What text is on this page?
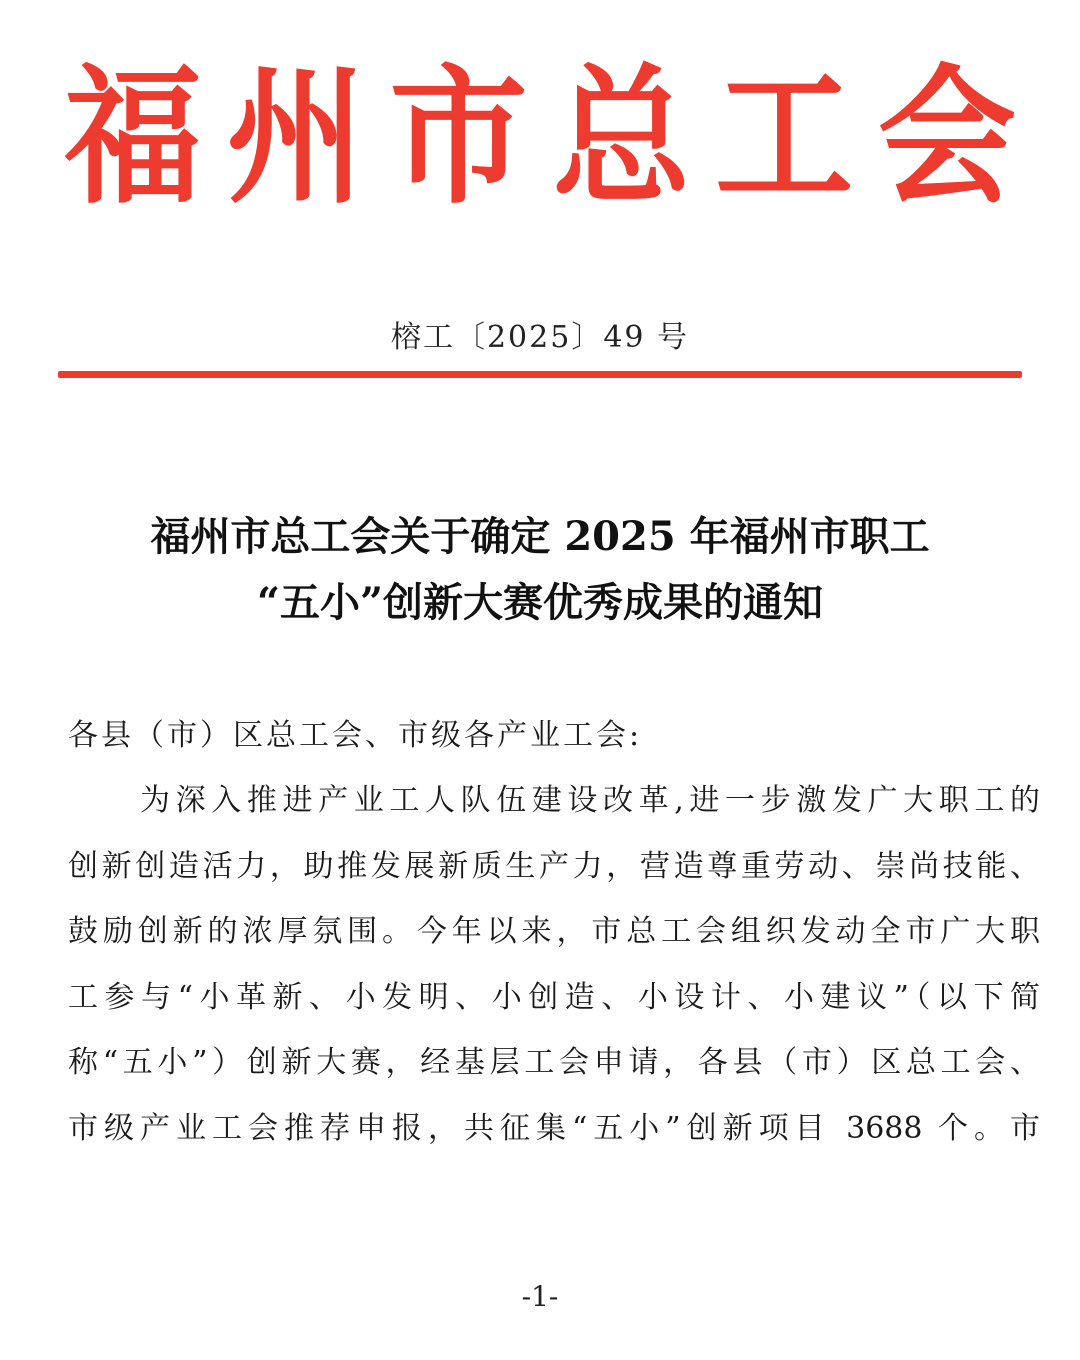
福 州 市 总 工 会
榕工〔2025〕49 号
福州市总工会关于确定 2025 年福州市职工
“五小”创新大赛优秀成果的通知
各县（市）区总工会、市级各产业工会:
为深入推进产业工人队伍建设改革,进一步激发广大职工的
创新创造活力，助推发展新质生产力，营造尊重劳动、崇尚技能、
鼓励创新的浓厚氛围。今年以来，市总工会组织发动全市广大职
工参与“小革新、小发明、小创造、小设计、小建议”（以下简
称“五小”）创新大赛，经基层工会申请，各县（市）区总工会、
市级产业工会推荐申报，共征集“五小”创新项目 3688 个。市
-1-
